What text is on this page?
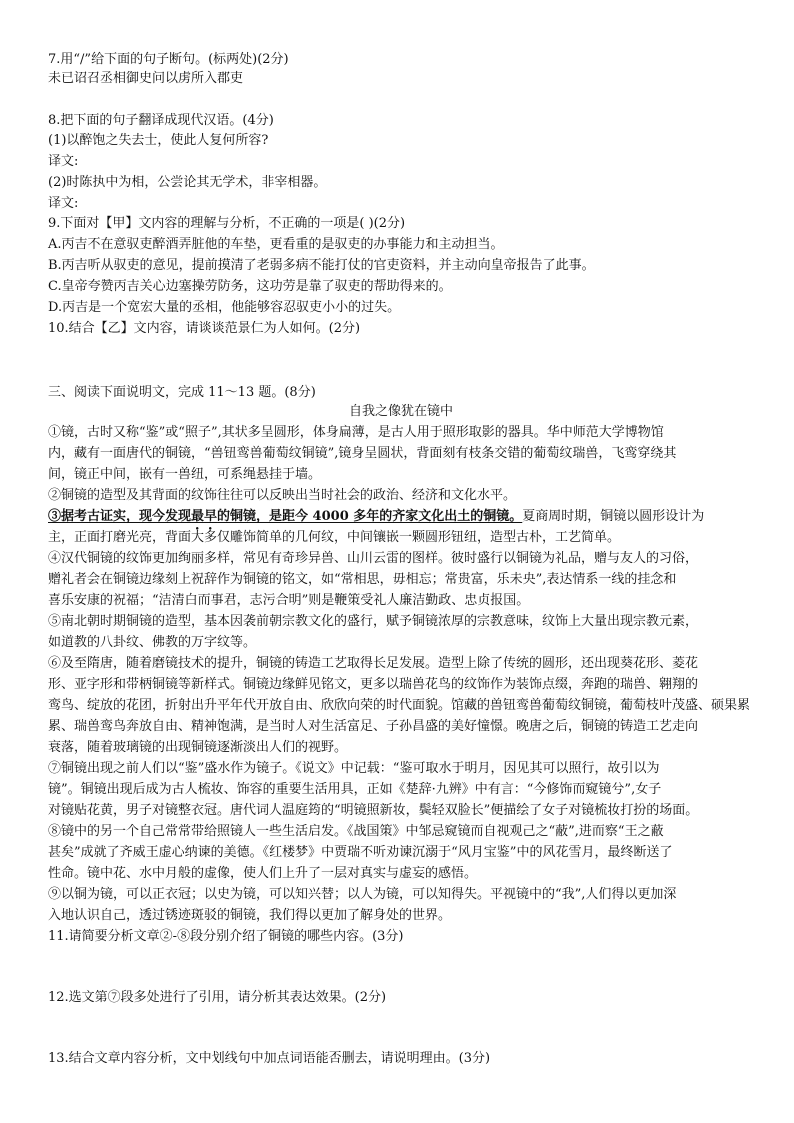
7.用“/”给下面的句子断句。(标两处)(2分)
未已诏召丞相御史问以虏所入郡吏
8.把下面的句子翻译成现代汉语。(4分)
(1)以醉饱之失去士，使此人复何所容?
译文:
(2)时陈执中为相，公尝论其无学术，非宰相器。
译文:
9.下面对【甲】文内容的理解与分析，不正确的一项是( )(2分)
A.丙吉不在意驭吏醉酒弄脏他的车垫，更看重的是驭吏的办事能力和主动担当。
B.丙吉听从驭吏的意见，提前摸清了老弱多病不能打仗的官吏资料，并主动向皇帝报告了此事。
C.皇帝夸赞丙吉关心边塞操劳防务，这功劳是靠了驭吏的帮助得来的。
D.丙吉是一个宽宏大量的丞相，他能够容忍驭吏小小的过失。
10.结合【乙】文内容，请谈谈范景仁为人如何。(2分)
三、阅读下面说明文，完成 11～13 题。(8分)
自我之像犹在镜中
①镜，古时又称“鉴”或“照子”,其状多呈圆形，体身扁薄，是古人用于照形取影的器具。华中师范大学博物馆
内，藏有一面唐代的铜镜，“兽钮鸾兽葡萄纹铜镜”,镜身呈圆状，背面刻有枝条交错的葡萄纹瑞兽，飞鸾穿绕其
间，镜正中间，嵌有一兽纽，可系绳悬挂于墙。
②铜镜的造型及其背面的纹饰往往可以反映出当时社会的政治、经济和文化水平。
③据考古证实，现今发现最早的铜镜，是距今 4000 多年的齐家文化出土的铜镜。夏商周时期，铜镜以圆形设计为
主，正面打磨光亮，背面大多仅雕饰简单的几何纹，中间镶嵌一颗圆形钮纽，造型古朴，工艺简单。
④汉代铜镜的纹饰更加绚丽多样，常见有奇珍异兽、山川云雷的图样。彼时盛行以铜镜为礼品，赠与友人的习俗，
赠礼者会在铜镜边缘刻上祝辞作为铜镜的铭文，如“常相思，毋相忘；常贵富，乐未央”,表达情系一线的挂念和
喜乐安康的祝福；“洁清白而事君，志污合明”则是鞭策受礼人廉洁勤政、忠贞报国。
⑤南北朝时期铜镜的造型，基本因袭前朝宗教文化的盛行，赋予铜镜浓厚的宗教意味，纹饰上大量出现宗教元素，
如道教的八卦纹、佛教的万字纹等。
⑥及至隋唐，随着磨镜技术的提升，铜镜的铸造工艺取得长足发展。造型上除了传统的圆形，还出现葵花形、菱花
形、亚字形和带柄铜镜等新样式。铜镜边缘鲜见铭文，更多以瑞兽花鸟的纹饰作为装饰点缀，奔跑的瑞兽、翱翔的
鸾鸟、绽放的花团，折射出升平年代开放自由、欣欣向荣的时代面貌。馆藏的兽钮鸾兽葡萄纹铜镜，葡萄枝叶茂盛、硕果累
累、瑞兽鸾鸟奔放自由、精神饱满，是当时人对生活富足、子孙昌盛的美好憧憬。晚唐之后，铜镜的铸造工艺走向
衰落，随着玻璃镜的出现铜镜逐渐淡出人们的视野。
⑦铜镜出现之前人们以“鉴”盛水作为镜子。《说文》中记载：“鉴可取水于明月，因见其可以照行，故引以为
镜”。铜镜出现后成为古人梳妆、饰容的重要生活用具，正如《楚辞·九辨》中有言：“今修饰而窥镜兮”,女子
对镜贴花黄，男子对镜整衣冠。唐代词人温庭筠的“明镜照新妆，鬓轻双脸长”便描绘了女子对镜梳妆打扮的场面。
⑧镜中的另一个自己常常带给照镜人一些生活启发。《战国策》中邹忌窥镜而自视观己之“蔽”,进而察“王之蔽
甚矣”成就了齐威王虚心纳谏的美德。《红楼梦》中贾瑞不听劝谏沉溺于“风月宝鉴”中的风花雪月，最终断送了
性命。镜中花、水中月般的虚像，使人们上升了一层对真实与虚妄的感悟。
⑨以铜为镜，可以正衣冠；以史为镜，可以知兴替；以人为镜，可以知得失。平视镜中的“我”,人们得以更加深
入地认识自己，透过锈迹斑驳的铜镜，我们得以更加了解身处的世界。
11.请简要分析文章②-⑧段分别介绍了铜镜的哪些内容。(3分)
12.选文第⑦段多处进行了引用，请分析其表达效果。(2分)
13.结合文章内容分析，文中划线句中加点词语能否删去，请说明理由。(3分)
